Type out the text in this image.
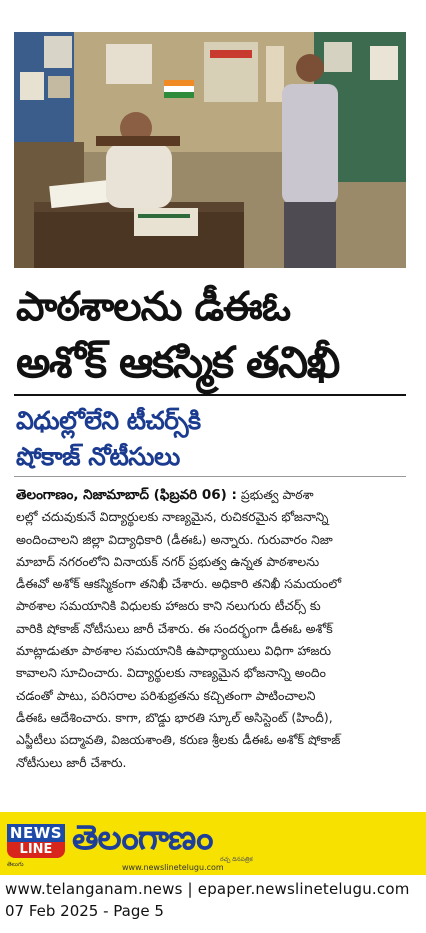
పాఠశాలను డీఈఓ
అశోక్ ఆకస్మిక తనిఖీ
విధుల్లోలేని టీచర్స్‌కి
షోకాజ్ నోటీసులు
తెలంగాణం, నిజామాబాద్ (ఫిబ్రవరి 06) : ప్రభుత్వ పాఠశా
లల్లో చదువుకునే విద్యార్థులకు నాణ్యమైన, రుచికరమైన భోజనాన్ని
అందించాలని జిల్లా విద్యాధికారి (డీఈఓ) అన్నారు. గురువారం నిజా
మాబాద్ నగరంలోని వినాయక్ నగర్ ప్రభుత్వ ఉన్నత పాఠశాలను
డీఈవో అశోక్ ఆకస్మికంగా తనిఖీ చేశారు. అధికారి తనిఖీ సమయంలో
పాఠశాల సమయానికి విధులకు హాజరు కాని నలుగురు టీచర్స్ కు
వారికి షోకాజ్ నోటీసులు జారీ చేశారు. ఈ సందర్భంగా డీఈఓ అశోక్
మాట్లాడుతూ పాఠశాల సమయానికి ఉపాధ్యాయులు విధిగా హాజరు
కావాలని సూచించారు. విద్యార్థులకు నాణ్యమైన భోజనాన్ని అందిం
చడంతో పాటు, పరిసరాల పరిశుభ్రతను కచ్చితంగా పాటించాలని
డీఈఓ ఆదేశించారు. కాగా, బొడ్డు భారతి స్కూల్ అసిస్టెంట్ (హిందీ),
ఎస్జీటీలు పద్మావతి, విజయశాంతి, కరుణ శ్రీలకు డీఈఓ అశోక్ షోకాజ్
నోటీసులు జారీ చేశారు.
NEWS
LINE
తెలుగు
తెలంగాణం
రచ్చ దినపత్రిక
www.newslinetelugu.com
www.telanganam.news | epaper.newslinetelugu.com
07 Feb 2025 - Page 5
